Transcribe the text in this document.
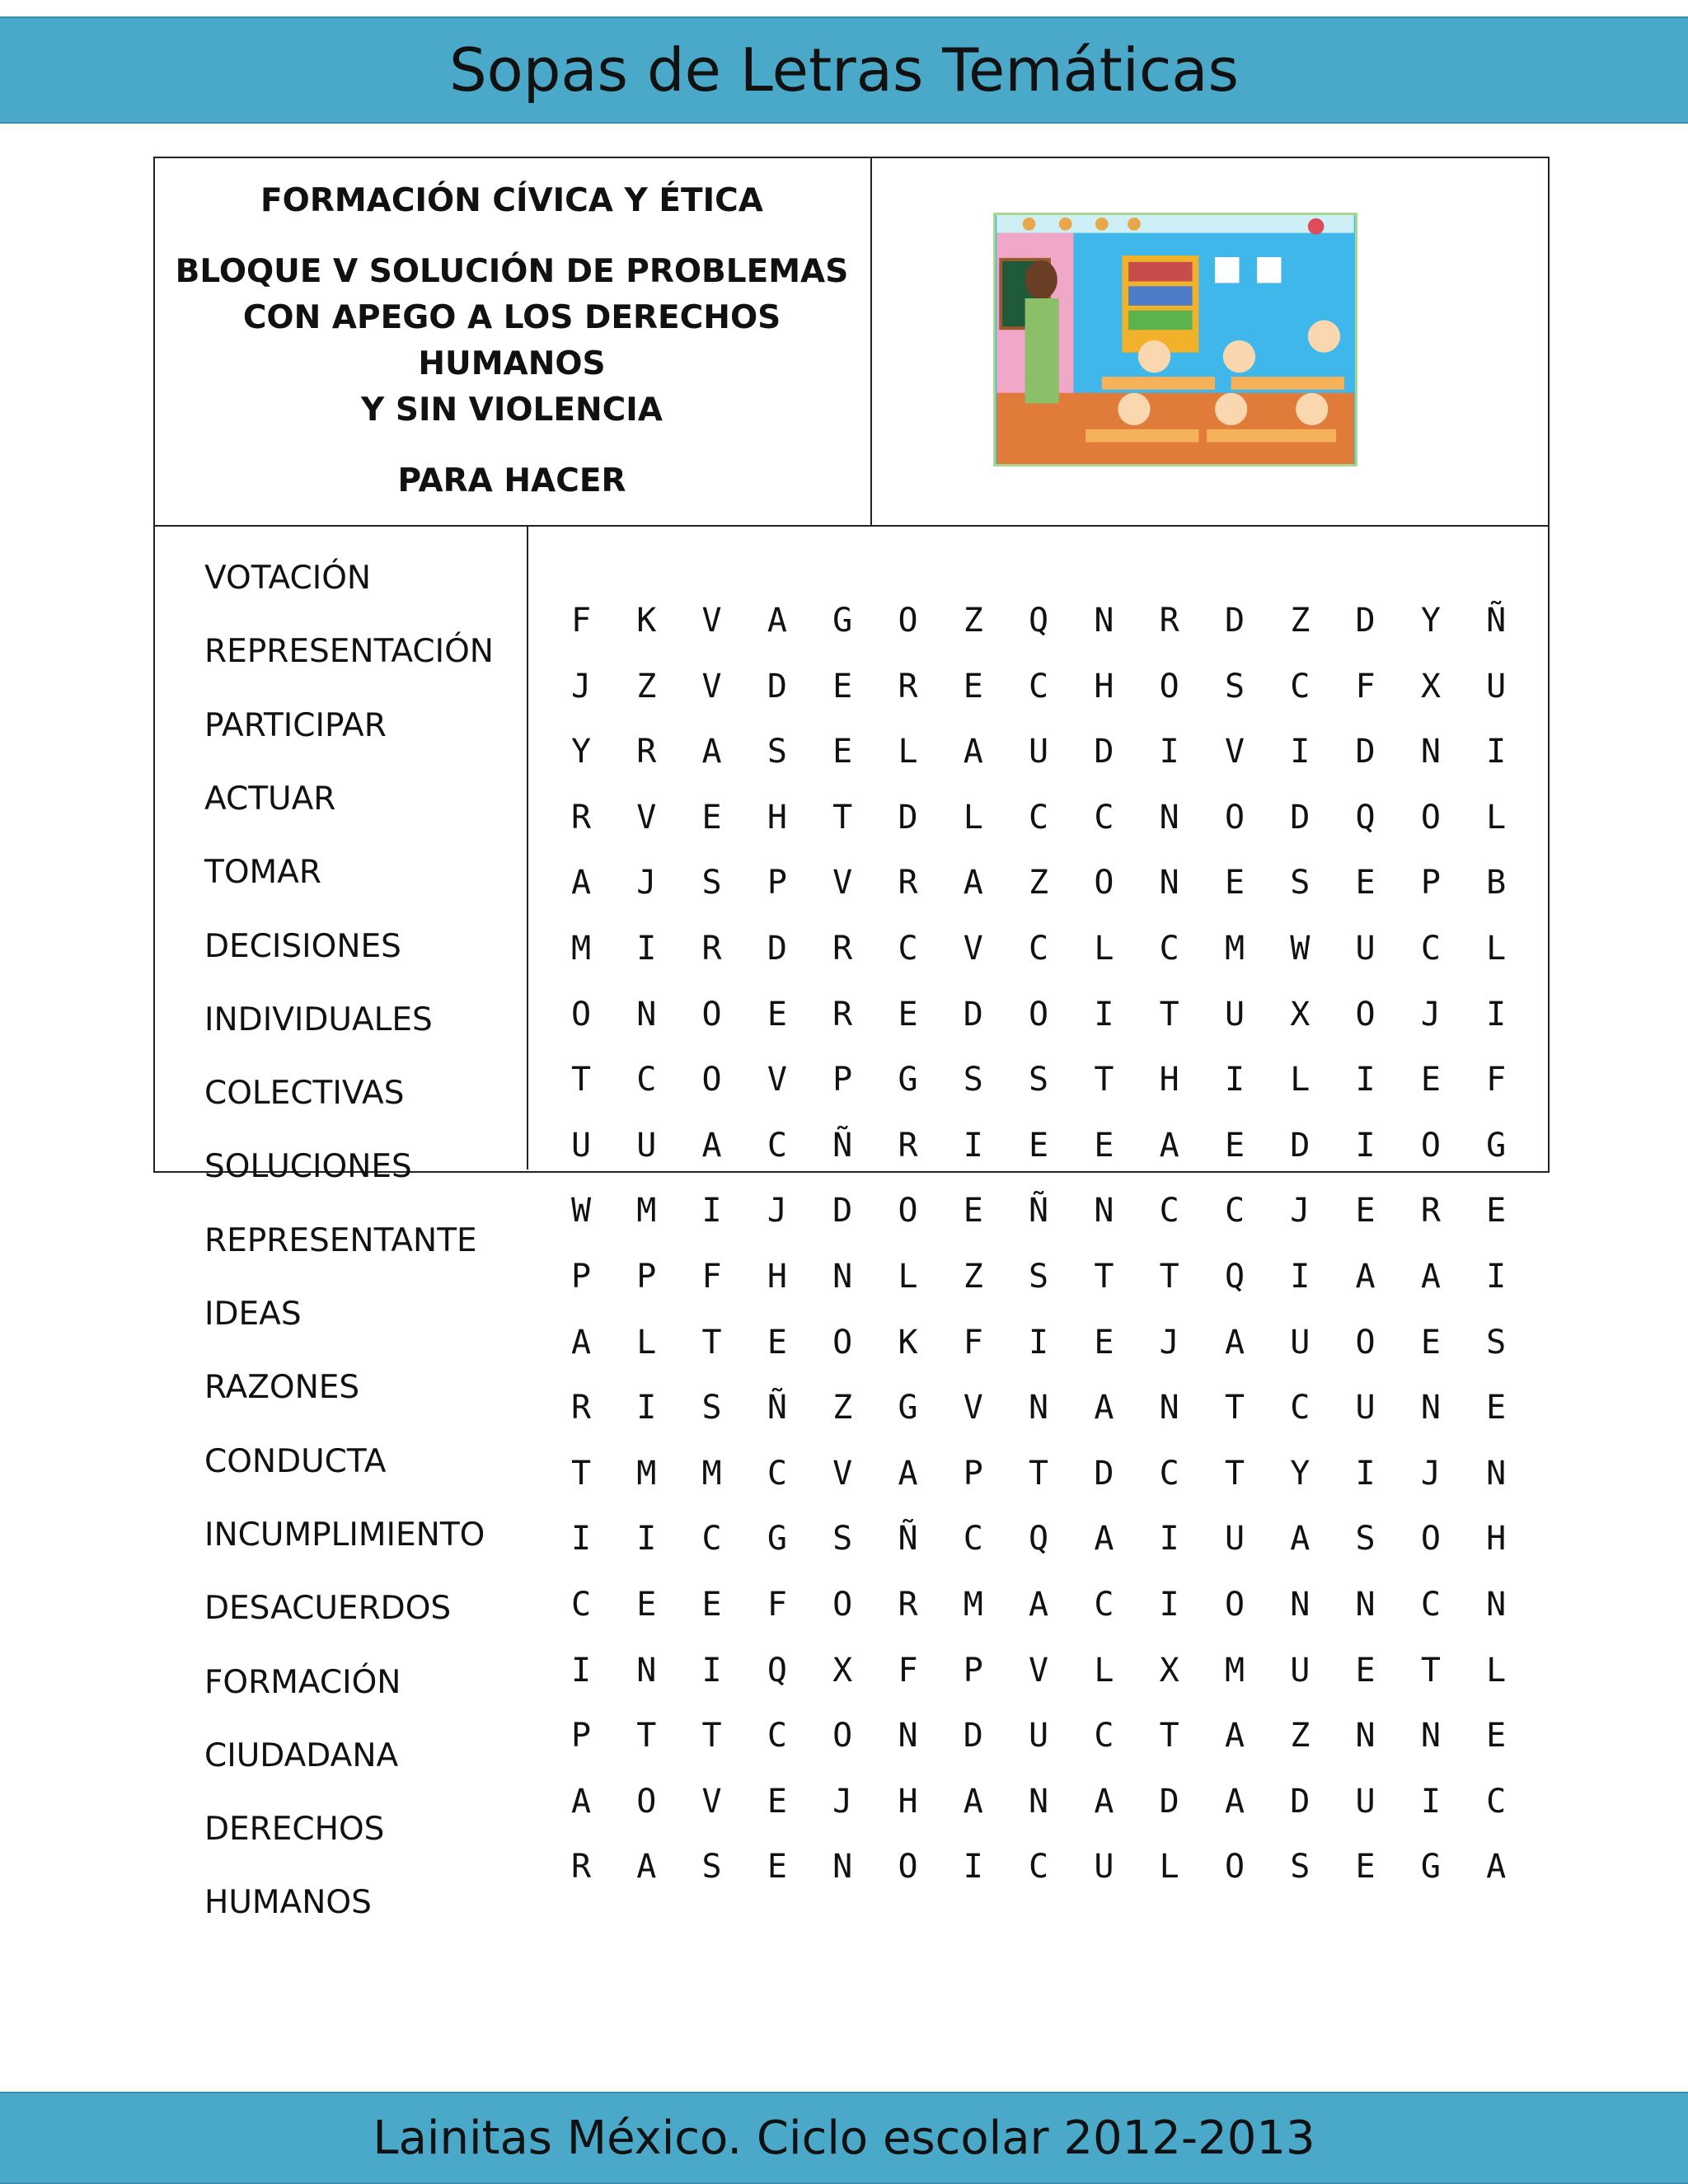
Sopas de Letras Temáticas
FORMACIÓN CÍVICA Y ÉTICA
BLOQUE V SOLUCIÓN DE PROBLEMAS
CON APEGO A LOS DERECHOS HUMANOS
Y SIN VIOLENCIA
PARA HACER
VOTACIÓN
REPRESENTACIÓN
PARTICIPAR
ACTUAR
TOMAR
DECISIONES
INDIVIDUALES
COLECTIVAS
SOLUCIONES
REPRESENTANTE
IDEAS
RAZONES
CONDUCTA
INCUMPLIMIENTO
DESACUERDOS
FORMACIÓN
CIUDADANA
DERECHOS
HUMANOS
F	K	V	A	G	O	Z	Q	N	R	D	Z	D	Y	Ñ
J	Z	V	D	E	R	E	C	H	O	S	C	F	X	U
Y	R	A	S	E	L	A	U	D	I	V	I	D	N	I
R	V	E	H	T	D	L	C	C	N	O	D	Q	O	L
A	J	S	P	V	R	A	Z	O	N	E	S	E	P	B
M	I	R	D	R	C	V	C	L	C	M	W	U	C	L
O	N	O	E	R	E	D	O	I	T	U	X	O	J	I
T	C	O	V	P	G	S	S	T	H	I	L	I	E	F
U	U	A	C	Ñ	R	I	E	E	A	E	D	I	O	G
W	M	I	J	D	O	E	Ñ	N	C	C	J	E	R	E
P	P	F	H	N	L	Z	S	T	T	Q	I	A	A	I
A	L	T	E	O	K	F	I	E	J	A	U	O	E	S
R	I	S	Ñ	Z	G	V	N	A	N	T	C	U	N	E
T	M	M	C	V	A	P	T	D	C	T	Y	I	J	N
I	I	C	G	S	Ñ	C	Q	A	I	U	A	S	O	H
C	E	E	F	O	R	M	A	C	I	O	N	N	C	N
I	N	I	Q	X	F	P	V	L	X	M	U	E	T	L
P	T	T	C	O	N	D	U	C	T	A	Z	N	N	E
A	O	V	E	J	H	A	N	A	D	A	D	U	I	C
R	A	S	E	N	O	I	C	U	L	O	S	E	G	A
Lainitas México. Ciclo escolar 2012-2013
